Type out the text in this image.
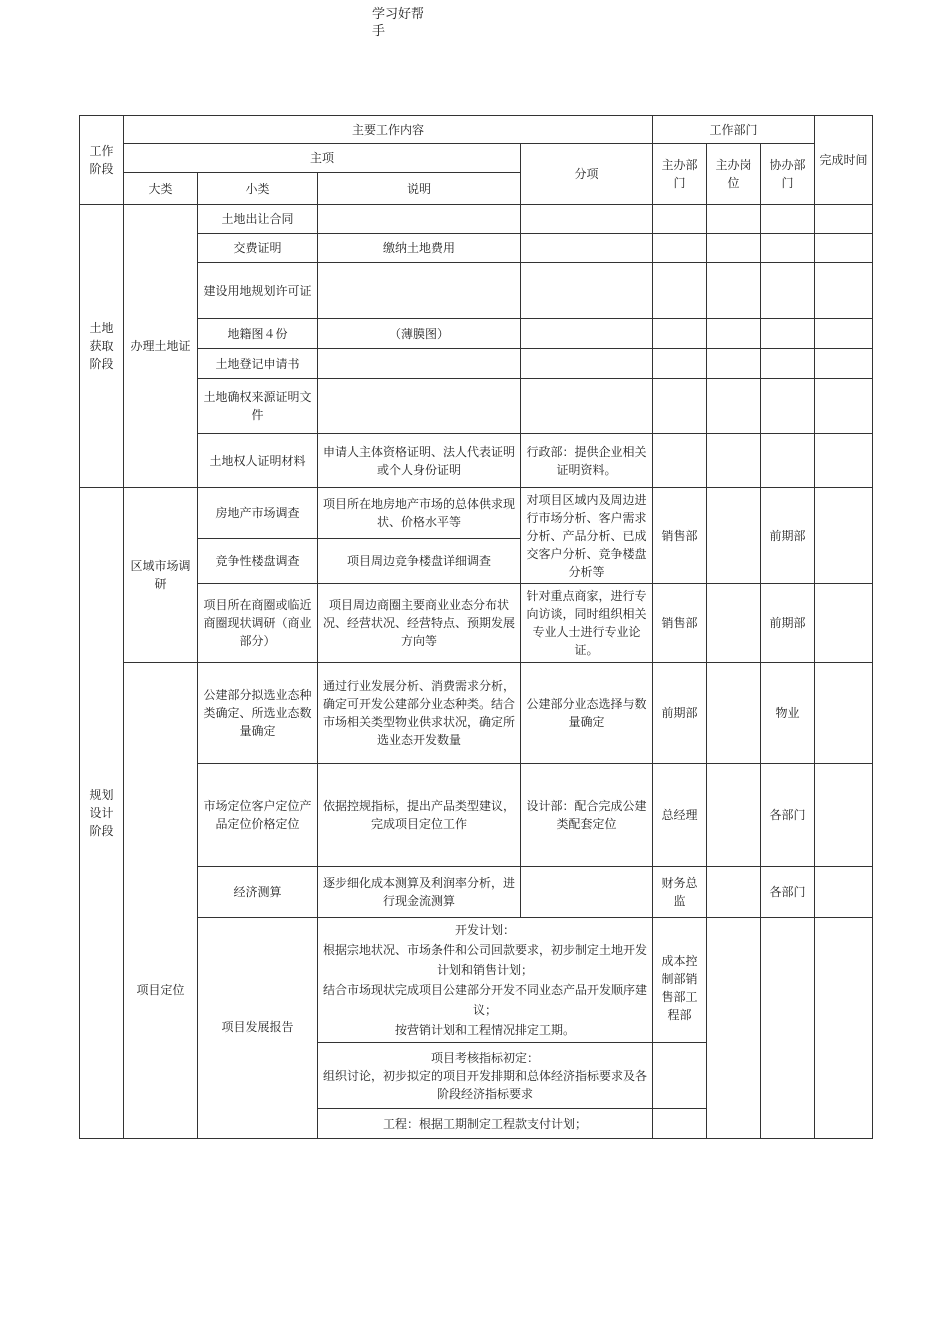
学习好帮手
工作阶段	主要工作内容				工作部门			完成时间
	主项			分项	主办部门	主办岗位	协办部门	
	大类	小类	说明					
土地获取阶段	办理土地证	土地出让合同						
		交费证明	缴纳土地费用					
		建设用地规划许可证						
		地籍图４份	（薄膜图）					
		土地登记申请书						
		土地确权来源证明文件						
		土地权人证明材料	申请人主体资格证明、法人代表证明或个人身份证明	行政部：提供企业相关证明资料。				
规划设计阶段	区域市场调研	房地产市场调查	项目所在地房地产市场的总体供求现状、价格水平等	对项目区域内及周边进行市场分析、客户需求分析、产品分析、已成交客户分析、竞争楼盘分析等	销售部		前期部	
		竞争性楼盘调查	项目周边竞争楼盘详细调查					
		项目所在商圈或临近商圈现状调研（商业部分）	项目周边商圈主要商业业态分布状况、经营状况、经营特点、预期发展方向等	针对重点商家，进行专向访谈，同时组织相关专业人士进行专业论证。	销售部		前期部	
	项目定位	公建部分拟选业态种类确定、所选业态数量确定	通过行业发展分析、消费需求分析，确定可开发公建部分业态种类。结合市场相关类型物业供求状况，确定所选业态开发数量	公建部分业态选择与数量确定	前期部		物业	
		市场定位客户定位产品定位价格定位	依据控规指标，提出产品类型建议，完成项目定位工作	设计部：配合完成公建类配套定位	总经理		各部门	
		经济测算	逐步细化成本测算及利润率分析，进行现金流测算		财务总监		各部门	
		项目发展报告	开发计划：
根据宗地状况、市场条件和公司回款要求，初步制定土地开发计划和销售计划；
结合市场现状完成项目公建部分开发不同业态产品开发顺序建议；
按营销计划和工程情况排定工期。		成本控制部销售部工程部			

			项目考核指标初定：
组织讨论，初步拟定的项目开发排期和总体经济指标要求及各阶段经济指标要求					

			工程：根据工期制定工程款支付计划；					
